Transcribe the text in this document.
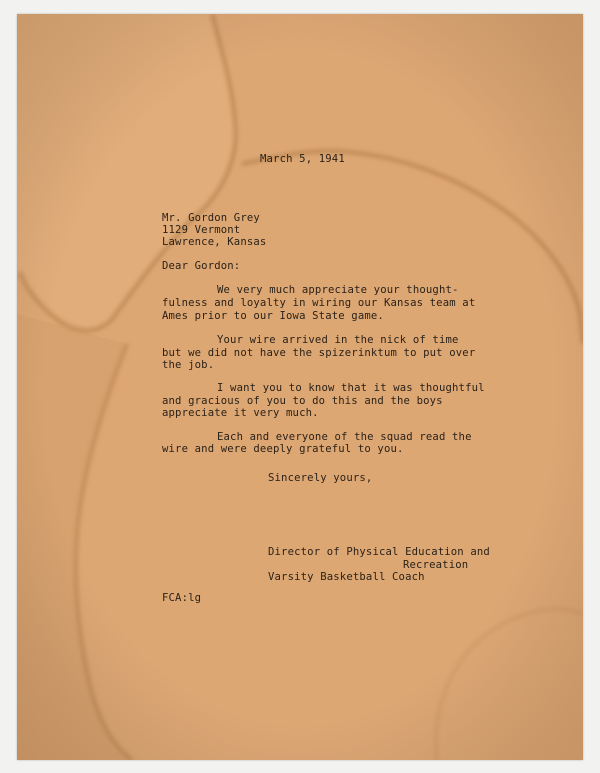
March 5, 1941

Mr. Gordon Grey

1129 Vermont

Lawrence, Kansas

Dear Gordon:

We very much appreciate your thought-

fulness and loyalty in wiring our Kansas team at

Ames prior to our Iowa State game.

Your wire arrived in the nick of time

but we did not have the spizerinktum to put over

the job.

I want you to know that it was thoughtful

and gracious of you to do this and the boys

appreciate it very much.

Each and everyone of the squad read the

wire and were deeply grateful to you.

Sincerely yours,

Director of Physical Education and

Recreation

Varsity Basketball Coach

FCA:lg
